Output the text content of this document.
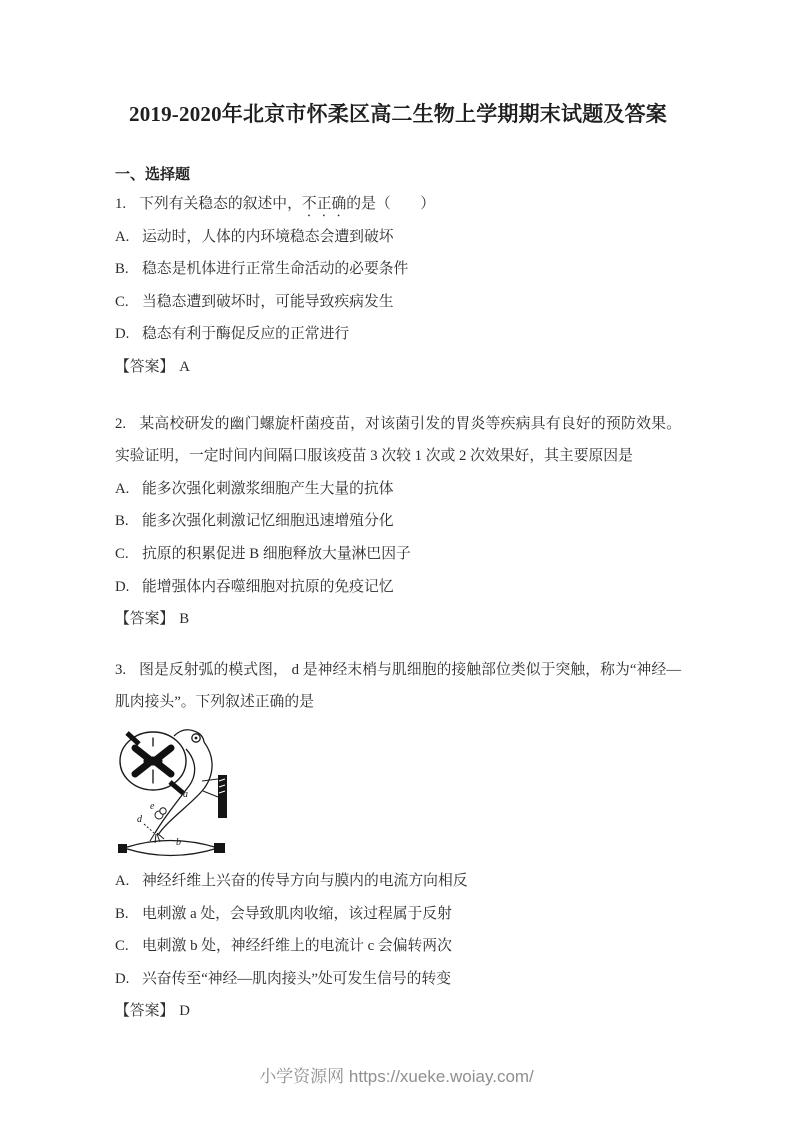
2019-2020年北京市怀柔区高二生物上学期期末试题及答案
一、选择题

1. 下列有关稳态的叙述中，不正确的是（　　）

A. 运动时，人体的内环境稳态会遭到破坏

B. 稳态是机体进行正常生命活动的必要条件

C. 当稳态遭到破坏时，可能导致疾病发生

D. 稳态有利于酶促反应的正常进行

【答案】 A

2. 某高校研发的幽门螺旋杆菌疫苗，对该菌引发的胃炎等疾病具有良好的预防效果。实验证明，一定时间内间隔口服该疫苗 3 次较 1 次或 2 次效果好，其主要原因是

A. 能多次强化刺激浆细胞产生大量的抗体

B. 能多次强化刺激记忆细胞迅速增殖分化

C. 抗原的积累促进 B 细胞释放大量淋巴因子

D. 能增强体内吞噬细胞对抗原的免疫记忆

【答案】 B

3. 图是反射弧的模式图， d 是神经末梢与肌细胞的接触部位类似于突触，称为“神经—肌肉接头”。下列叙述正确的是

a
e
d
b

A. 神经纤维上兴奋的传导方向与膜内的电流方向相反

B. 电刺激 a 处，会导致肌肉收缩，该过程属于反射

C. 电刺激 b 处，神经纤维上的电流计 c 会偏转两次

D. 兴奋传至“神经—肌肉接头”处可发生信号的转变

【答案】 D

小学资源网 https://xueke.woiay.com/
